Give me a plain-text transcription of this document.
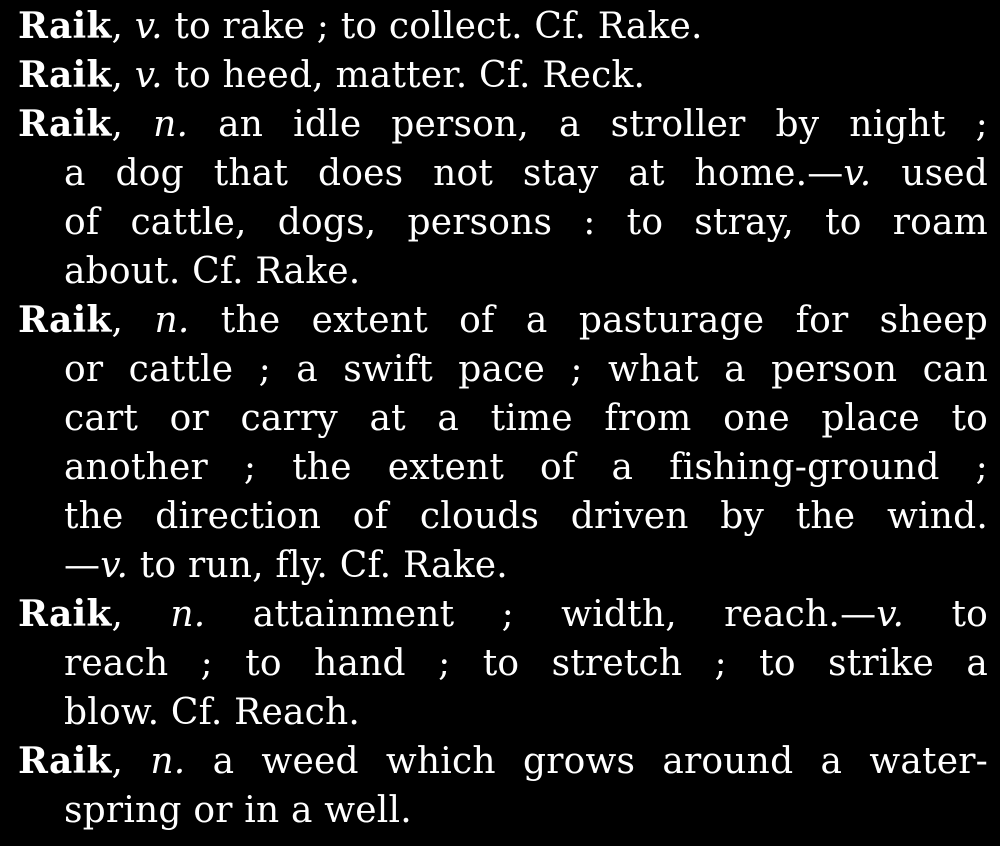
Raik, v. to rake ; to collect. Cf. Rake.
Raik, v. to heed, matter. Cf. Reck.
Raik, n. an idle person, a stroller by night ;
a dog that does not stay at home.—v. used
of cattle, dogs, persons : to stray, to roam
about. Cf. Rake.
Raik, n. the extent of a pasturage for sheep
or cattle ; a swift pace ; what a person can
cart or carry at a time from one place to
another ; the extent of a fishing-ground ;
the direction of clouds driven by the wind.
—v. to run, fly. Cf. Rake.
Raik, n. attainment ; width, reach.—v. to
reach ; to hand ; to stretch ; to strike a
blow. Cf. Reach.
Raik, n. a weed which grows around a water-
spring or in a well.
